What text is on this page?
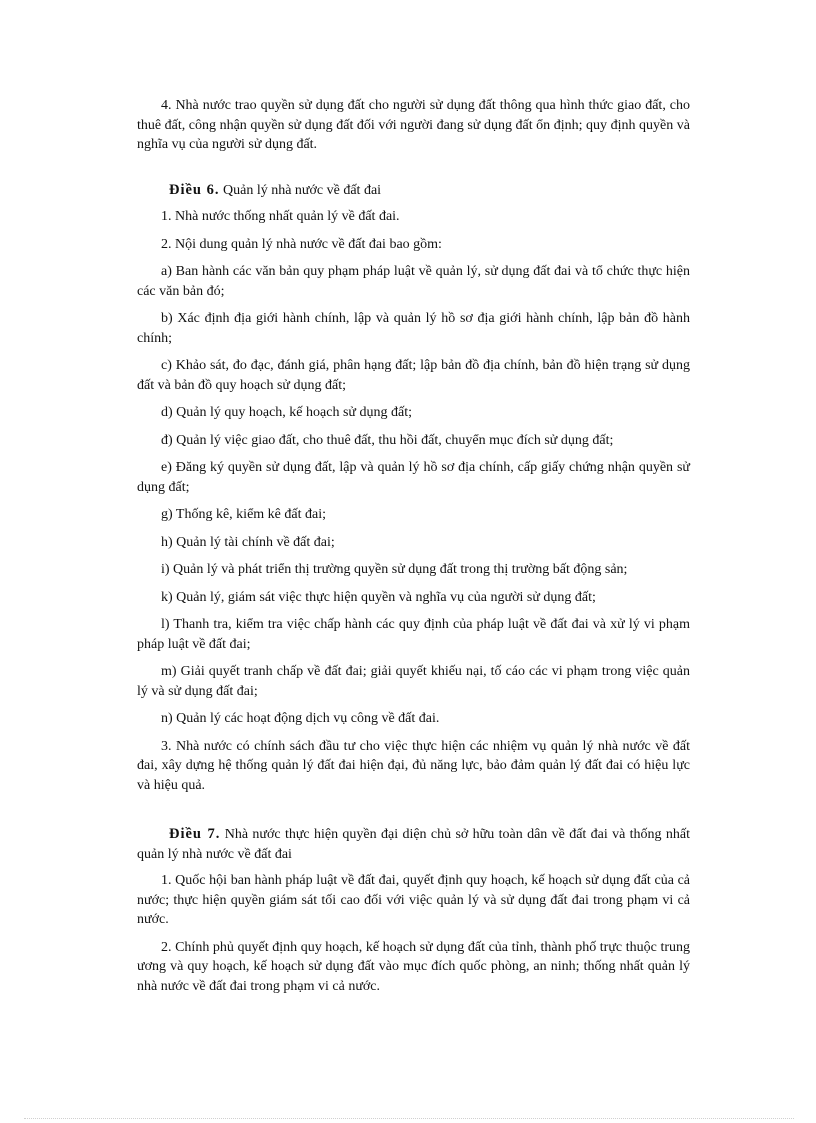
4. Nhà nước trao quyền sử dụng đất cho người sử dụng đất thông qua hình thức giao đất, cho thuê đất, công nhận quyền sử dụng đất đối với người đang sử dụng đất ổn định; quy định quyền và nghĩa vụ của người sử dụng đất.

Điều 6. Quản lý nhà nước về đất đai

1. Nhà nước thống nhất quản lý về đất đai.

2. Nội dung quản lý nhà nước về đất đai bao gồm:

a) Ban hành các văn bản quy phạm pháp luật về quản lý, sử dụng đất đai và tổ chức thực hiện các văn bản đó;

b) Xác định địa giới hành chính, lập và quản lý hồ sơ địa giới hành chính, lập bản đồ hành chính;

c) Khảo sát, đo đạc, đánh giá, phân hạng đất; lập bản đồ địa chính, bản đồ hiện trạng sử dụng đất và bản đồ quy hoạch sử dụng đất;

d) Quản lý quy hoạch, kế hoạch sử dụng đất;

đ) Quản lý việc giao đất, cho thuê đất, thu hồi đất, chuyển mục đích sử dụng đất;

e) Đăng ký quyền sử dụng đất, lập và quản lý hồ sơ địa chính, cấp giấy chứng nhận quyền sử dụng đất;

g) Thống kê, kiểm kê đất đai;

h) Quản lý tài chính về đất đai;

i) Quản lý và phát triển thị trường quyền sử dụng đất trong thị trường bất động sản;

k) Quản lý, giám sát việc thực hiện quyền và nghĩa vụ của người sử dụng đất;

l) Thanh tra, kiểm tra việc chấp hành các quy định của pháp luật về đất đai và xử lý vi phạm pháp luật về đất đai;

m) Giải quyết tranh chấp về đất đai; giải quyết khiếu nại, tố cáo các vi phạm trong việc quản lý và sử dụng đất đai;

n) Quản lý các hoạt động dịch vụ công về đất đai.

3. Nhà nước có chính sách đầu tư cho việc thực hiện các nhiệm vụ quản lý nhà nước về đất đai, xây dựng hệ thống quản lý đất đai hiện đại, đủ năng lực, bảo đảm quản lý đất đai có hiệu lực và hiệu quả.

Điều 7. Nhà nước thực hiện quyền đại diện chủ sở hữu toàn dân về đất đai và thống nhất quản lý nhà nước về đất đai

1. Quốc hội ban hành pháp luật về đất đai, quyết định quy hoạch, kế hoạch sử dụng đất của cả nước; thực hiện quyền giám sát tối cao đối với việc quản lý và sử dụng đất đai trong phạm vi cả nước.

2. Chính phủ quyết định quy hoạch, kế hoạch sử dụng đất của tỉnh, thành phố trực thuộc trung ương và quy hoạch, kế hoạch sử dụng đất vào mục đích quốc phòng, an ninh; thống nhất quản lý nhà nước về đất đai trong phạm vi cả nước.
